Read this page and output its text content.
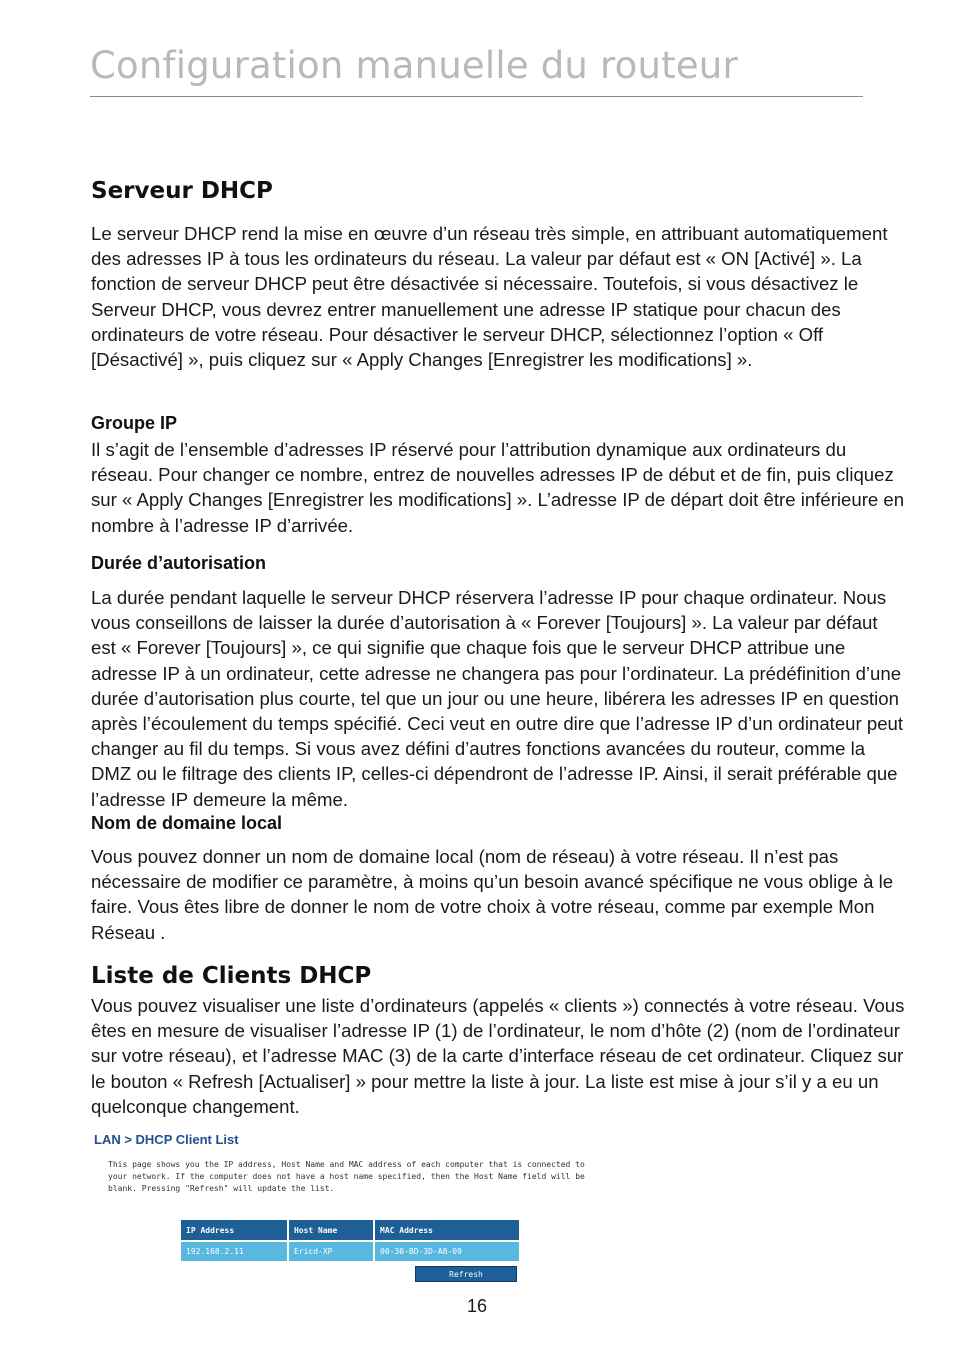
Configuration manuelle du routeur
Serveur DHCP

Le serveur DHCP rend la mise en œuvre d’un réseau très simple, en attribuant automatiquement des adresses IP à tous les ordinateurs du réseau. La valeur par défaut est « ON [Activé] ». La fonction de serveur DHCP peut être désactivée si nécessaire. Toutefois, si vous désactivez le Serveur DHCP, vous devrez entrer manuellement une adresse IP statique pour chacun des ordinateurs de votre réseau. Pour désactiver le serveur DHCP, sélectionnez l’option « Off [Désactivé] », puis cliquez sur « Apply Changes [Enregistrer les modifications] ».

Groupe IP

Il s’agit de l’ensemble d’adresses IP réservé pour l’attribution dynamique aux ordinateurs du réseau. Pour changer ce nombre, entrez de nouvelles adresses IP de début et de fin, puis cliquez sur « Apply Changes [Enregistrer les modifications] ». L’adresse IP de départ doit être inférieure en nombre à l’adresse IP d’arrivée.

Durée d’autorisation

La durée pendant laquelle le serveur DHCP réservera l’adresse IP pour chaque ordinateur. Nous vous conseillons de laisser la durée d’autorisation à « Forever [Toujours] ». La valeur par défaut est « Forever [Toujours] », ce qui signifie que chaque fois que le serveur DHCP attribue une adresse IP à un ordinateur, cette adresse ne changera pas pour l’ordinateur. La prédéfinition d’une durée d’autorisation plus courte, tel que un jour ou une heure, libérera les adresses IP en question après l’écoulement du temps spécifié. Ceci veut en outre dire que l’adresse IP d’un ordinateur peut changer au fil du temps. Si vous avez défini d’autres fonctions avancées du routeur, comme la DMZ ou le filtrage des clients IP, celles-ci dépendront de l’adresse IP. Ainsi, il serait préférable que l’adresse IP demeure la même.

Nom de domaine local

Vous pouvez donner un nom de domaine local (nom de réseau) à votre réseau. Il n’est pas nécessaire de modifier ce paramètre, à moins qu’un besoin avancé spécifique ne vous oblige à le faire. Vous êtes libre de donner le nom de votre choix à votre réseau, comme par exemple Mon Réseau .

Liste de Clients DHCP

Vous pouvez visualiser une liste d’ordinateurs (appelés « clients ») connectés à votre réseau. Vous êtes en mesure de visualiser l’adresse IP (1) de l’ordinateur, le nom d’hôte (2) (nom de l’ordinateur sur votre réseau), et l’adresse MAC (3) de la carte d’interface réseau de cet ordinateur. Cliquez sur le bouton « Refresh [Actualiser] » pour mettre la liste à jour. La liste est mise à jour s’il y a eu un quelconque changement.

LAN > DHCP Client List

This page shows you the IP address, Host Name and MAC address of each computer that is connected to your network. If the computer does not have a host name specified, then the Host Name field will be blank. Pressing "Refresh" will update the list.

IP Address	Host Name	MAC Address
192.168.2.11	Ericd-XP	00-30-BD-3D-A8-09
Refresh

16
